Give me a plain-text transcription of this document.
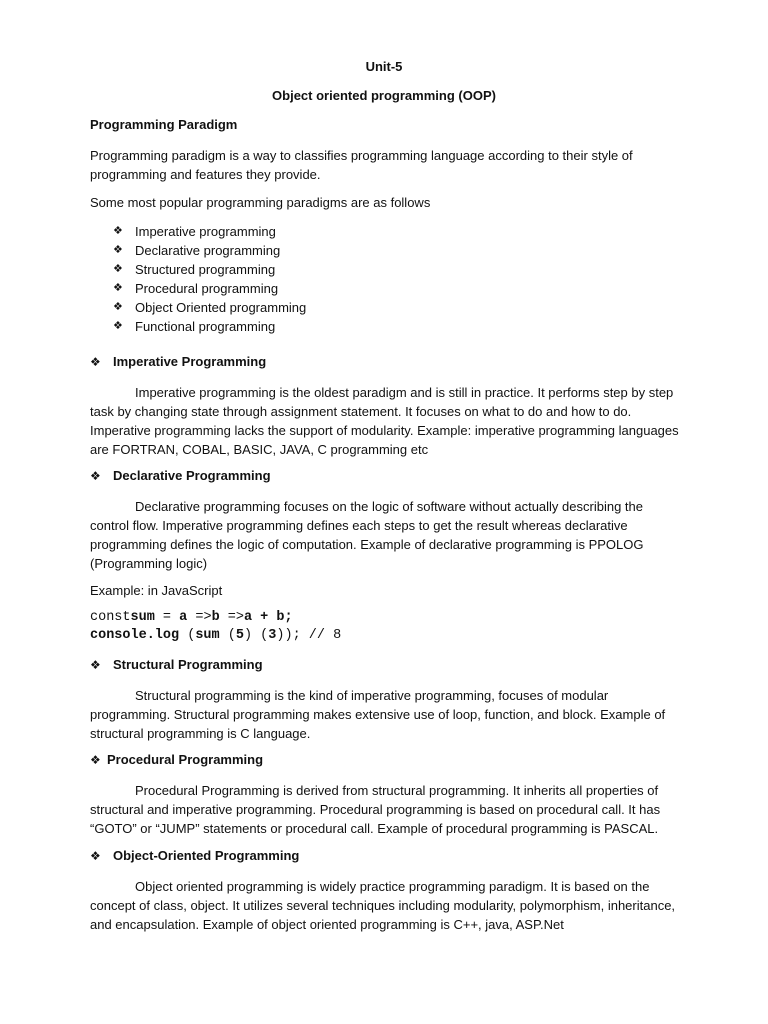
Unit-5
Object oriented programming (OOP)
Programming Paradigm
Programming paradigm is a way to classifies programming language according to their style of programming and features they provide.
Some most popular programming paradigms are as follows
❖ Imperative programming
❖ Declarative programming
❖ Structured programming
❖ Procedural programming
❖ Object Oriented programming
❖ Functional programming
❖ Imperative Programming
Imperative programming is the oldest paradigm and is still in practice. It performs step by step task by changing state through assignment statement. It focuses on what to do and how to do. Imperative programming lacks the support of modularity. Example: imperative programming languages are FORTRAN, COBAL, BASIC, JAVA, C programming etc
❖ Declarative Programming
Declarative programming focuses on the logic of software without actually describing the control flow. Imperative programming defines each steps to get the result whereas declarative programming defines the logic of computation. Example of declarative programming is PPOLOG (Programming logic)
Example: in JavaScript
constsum = a =>b =>a + b;
console.log (sum (5) (3)); // 8
❖ Structural Programming
Structural programming is the kind of imperative programming, focuses of modular programming. Structural programming makes extensive use of loop, function, and block. Example of structural programming is C language.
❖ Procedural Programming
Procedural Programming is derived from structural programming. It inherits all properties of structural and imperative programming. Procedural programming is based on procedural call. It has “GOTO” or “JUMP” statements or procedural call. Example of procedural programming is PASCAL.
❖ Object-Oriented Programming
Object oriented programming is widely practice programming paradigm. It is based on the concept of class, object. It utilizes several techniques including modularity, polymorphism, inheritance, and encapsulation. Example of object oriented programming is C++, java, ASP.Net
